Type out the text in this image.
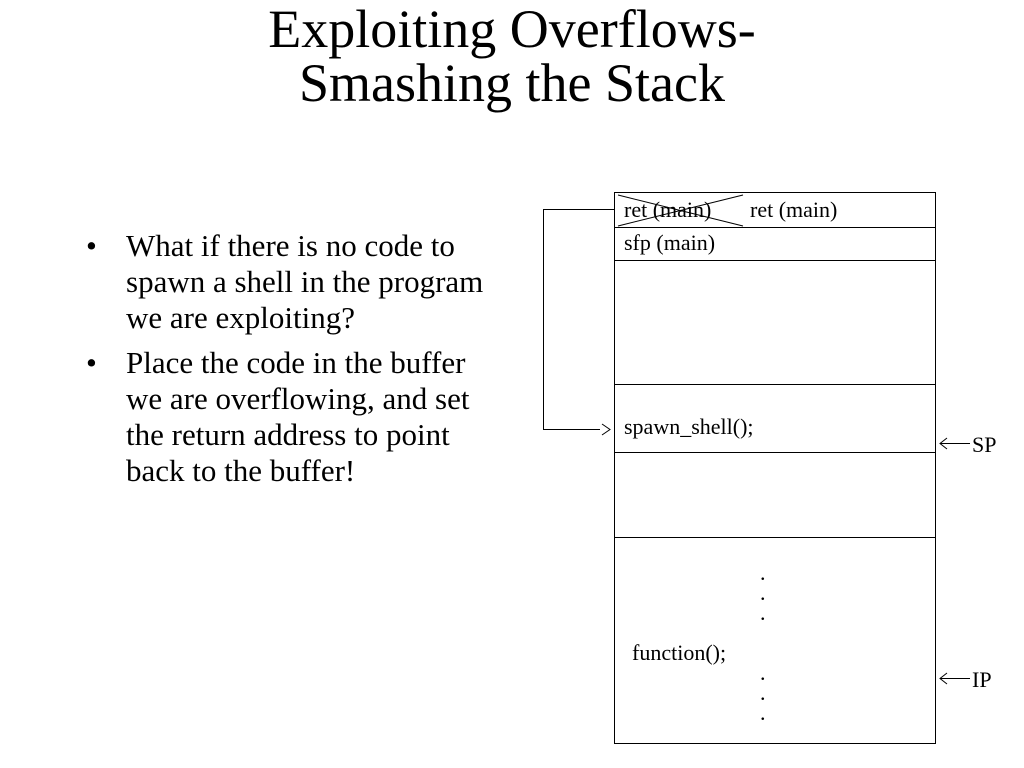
Exploiting Overflows-
Smashing the Stack
• What if there is no code to spawn a shell in the program we are exploiting?
• Place the code in the buffer we are overflowing, and set the return address to point back to the buffer!
ret (main) ret (main)
sfp (main)
spawn_shell();
.
.
.
function();
.
.
.
SP
IP
